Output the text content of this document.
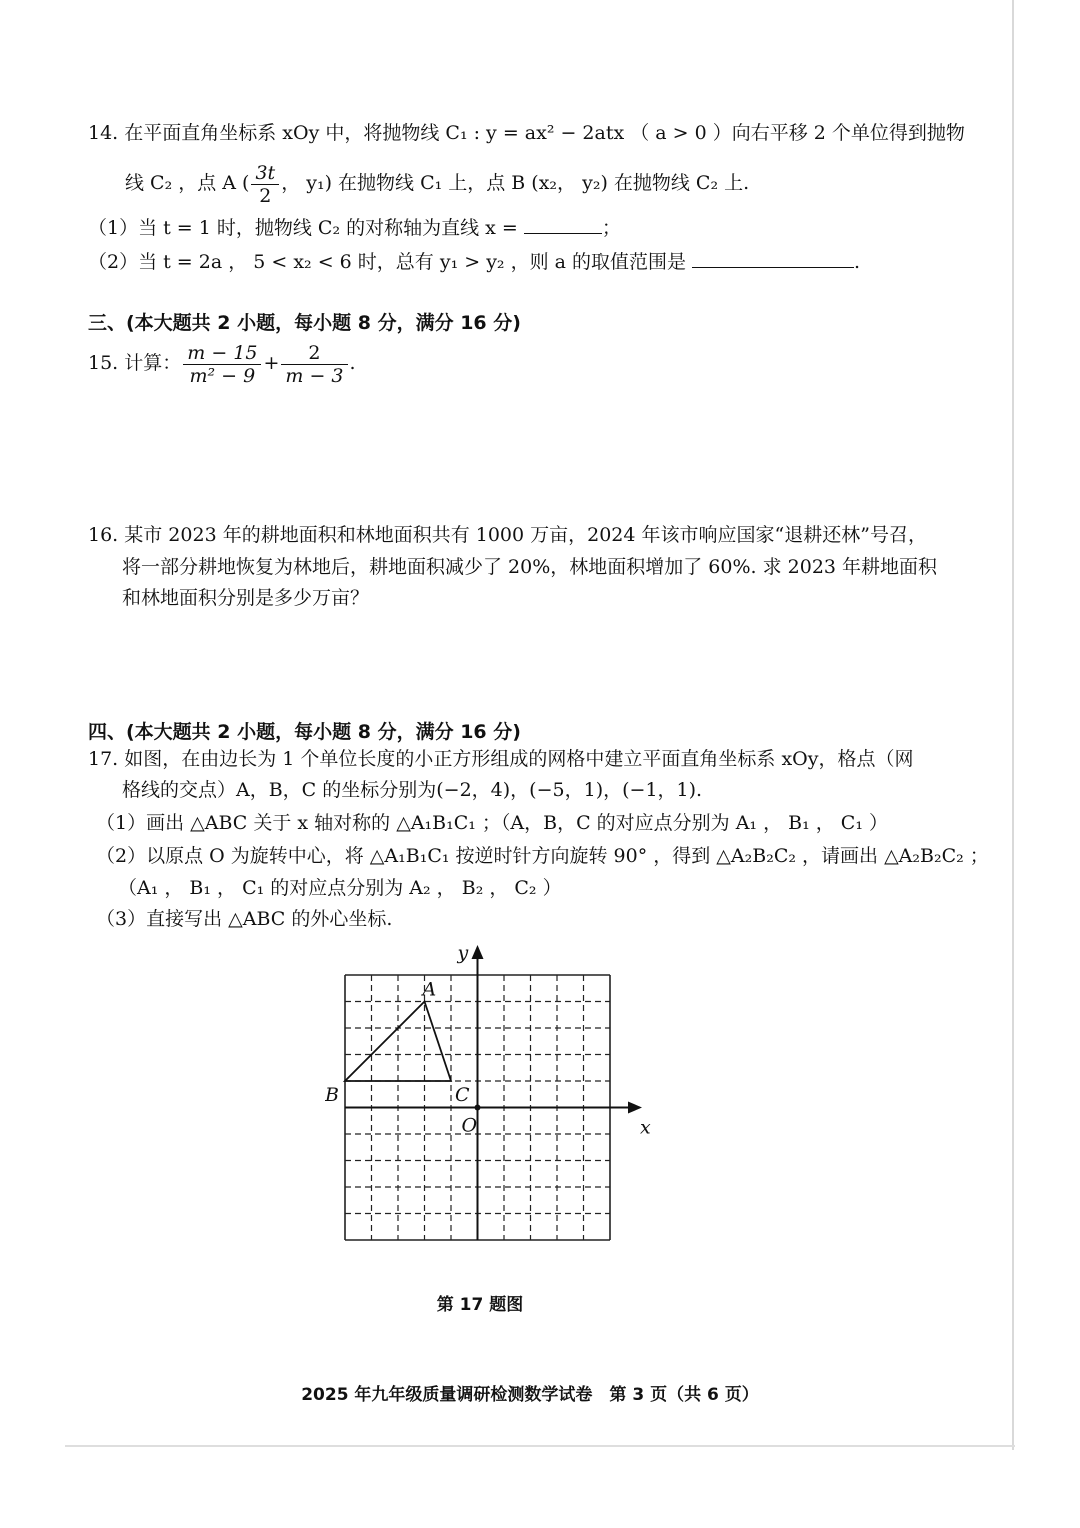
14. 在平面直角坐标系 xOy 中，将抛物线 C₁ : y = ax² − 2atx （ a > 0 ）向右平移 2 个单位得到抛物
线 C₂ ，点 A ( $\frac{3t}{2}$ ， y₁) 在抛物线 C₁ 上，点 B (x₂， y₂) 在抛物线 C₂ 上.
（1）当 t = 1 时，抛物线 C₂ 的对称轴为直线 x =	；
（2）当 t = 2a ， 5 < x₂ < 6 时，总有 y₁ > y₂ ，则 a 的取值范围是	.
三、(本大题共 2 小题，每小题 8 分，满分 16 分)
15. 计算： $\frac{m - 15}{\text{m² − 9}} + \frac{2}{m - 3}$ .
16. 某市 2023 年的耕地面积和林地面积共有 1000 万亩，2024 年该市响应国家“退耕还林”号召，
将一部分耕地恢复为林地后，耕地面积减少了 20%，林地面积增加了 60%. 求 2023 年耕地面积
和林地面积分别是多少万亩？
四、(本大题共 2 小题，每小题 8 分，满分 16 分)
17. 如图，在由边长为 1 个单位长度的小正方形组成的网格中建立平面直角坐标系 xOy，格点（网
格线的交点）A，B，C 的坐标分别为(−2，4)，(−5，1)，(−1，1).
（1）画出 △ABC 关于 x 轴对称的 △A₁B₁C₁ ；（A，B，C 的对应点分别为 A₁ ， B₁ ， C₁ ）
（2）以原点 O 为旋转中心，将 △A₁B₁C₁ 按逆时针方向旋转 90° ，得到 △A₂B₂C₂ ，请画出 △A₂B₂C₂ ；
（A₁ ， B₁ ， C₁ 的对应点分别为 A₂ ， B₂ ， C₂ ）
（3）直接写出 △ABC 的外心坐标.
A
B	C
O	x
y
第 17 题图
2025 年九年级质量调研检测数学试卷　第 3 页（共 6 页）
